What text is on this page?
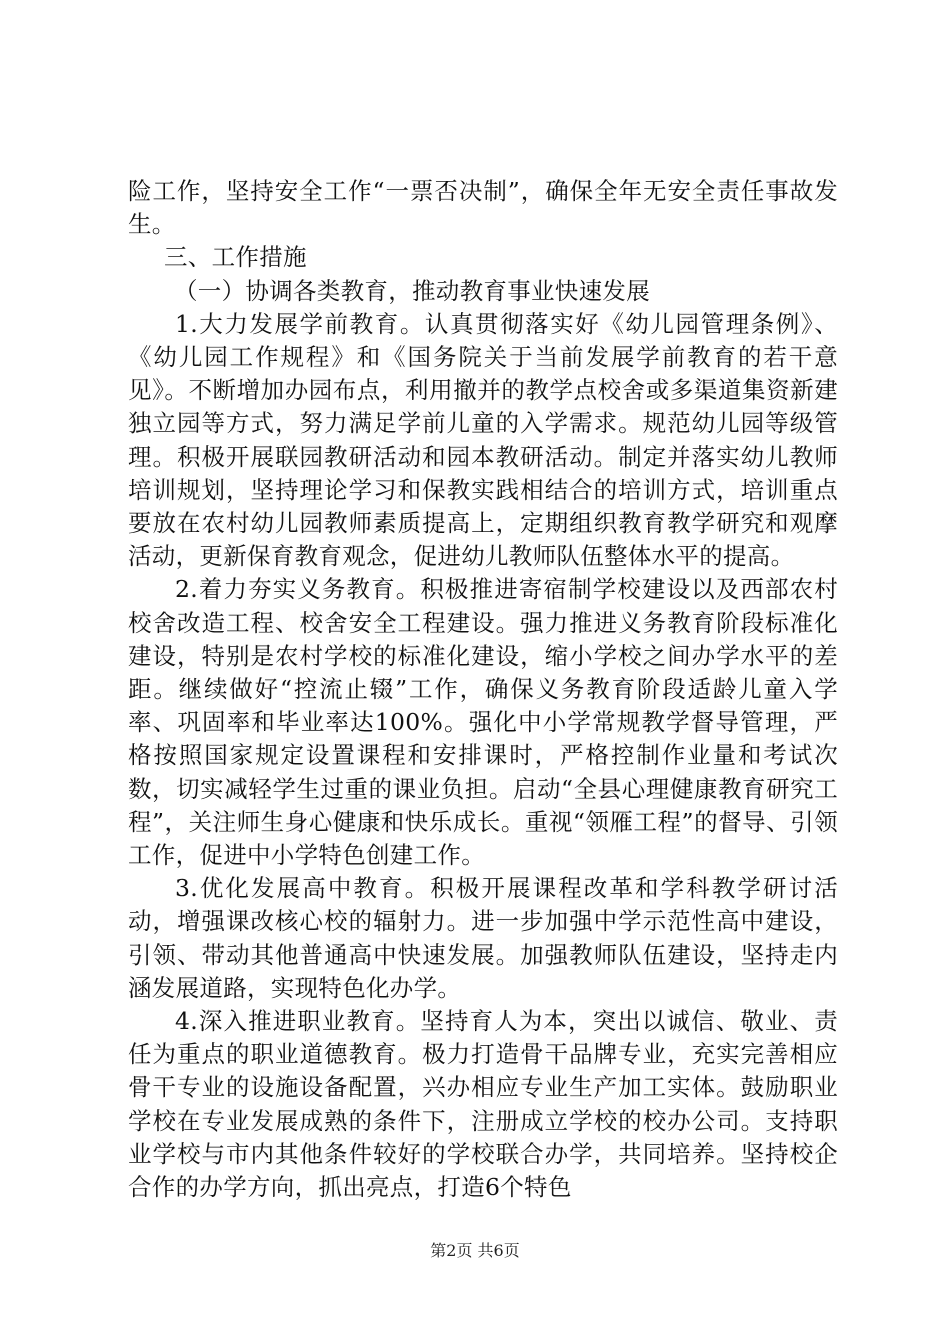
险工作，坚持安全工作“一票否决制”，确保全年无安全责任事故发生。

三、工作措施

（一）协调各类教育，推动教育事业快速发展

1.大力发展学前教育。认真贯彻落实好《幼儿园管理条例》、《幼儿园工作规程》和《国务院关于当前发展学前教育的若干意见》。不断增加办园布点，利用撤并的教学点校舍或多渠道集资新建独立园等方式，努力满足学前儿童的入学需求。规范幼儿园等级管理。积极开展联园教研活动和园本教研活动。制定并落实幼儿教师培训规划，坚持理论学习和保教实践相结合的培训方式，培训重点要放在农村幼儿园教师素质提高上，定期组织教育教学研究和观摩活动，更新保育教育观念，促进幼儿教师队伍整体水平的提高。

2.着力夯实义务教育。积极推进寄宿制学校建设以及西部农村校舍改造工程、校舍安全工程建设。强力推进义务教育阶段标准化建设，特别是农村学校的标准化建设，缩小学校之间办学水平的差距。继续做好“控流止辍”工作，确保义务教育阶段适龄儿童入学率、巩固率和毕业率达100%。强化中小学常规教学督导管理，严格按照国家规定设置课程和安排课时，严格控制作业量和考试次数，切实减轻学生过重的课业负担。启动“全县心理健康教育研究工程”，关注师生身心健康和快乐成长。重视“领雁工程”的督导、引领工作，促进中小学特色创建工作。

3.优化发展高中教育。积极开展课程改革和学科教学研讨活动，增强课改核心校的辐射力。进一步加强中学示范性高中建设，引领、带动其他普通高中快速发展。加强教师队伍建设，坚持走内涵发展道路，实现特色化办学。

4.深入推进职业教育。坚持育人为本，突出以诚信、敬业、责任为重点的职业道德教育。极力打造骨干品牌专业，充实完善相应骨干专业的设施设备配置，兴办相应专业生产加工实体。鼓励职业学校在专业发展成熟的条件下，注册成立学校的校办公司。支持职业学校与市内其他条件较好的学校联合办学，共同培养。坚持校企合作的办学方向，抓出亮点，打造6个特色

第2页 共6页
